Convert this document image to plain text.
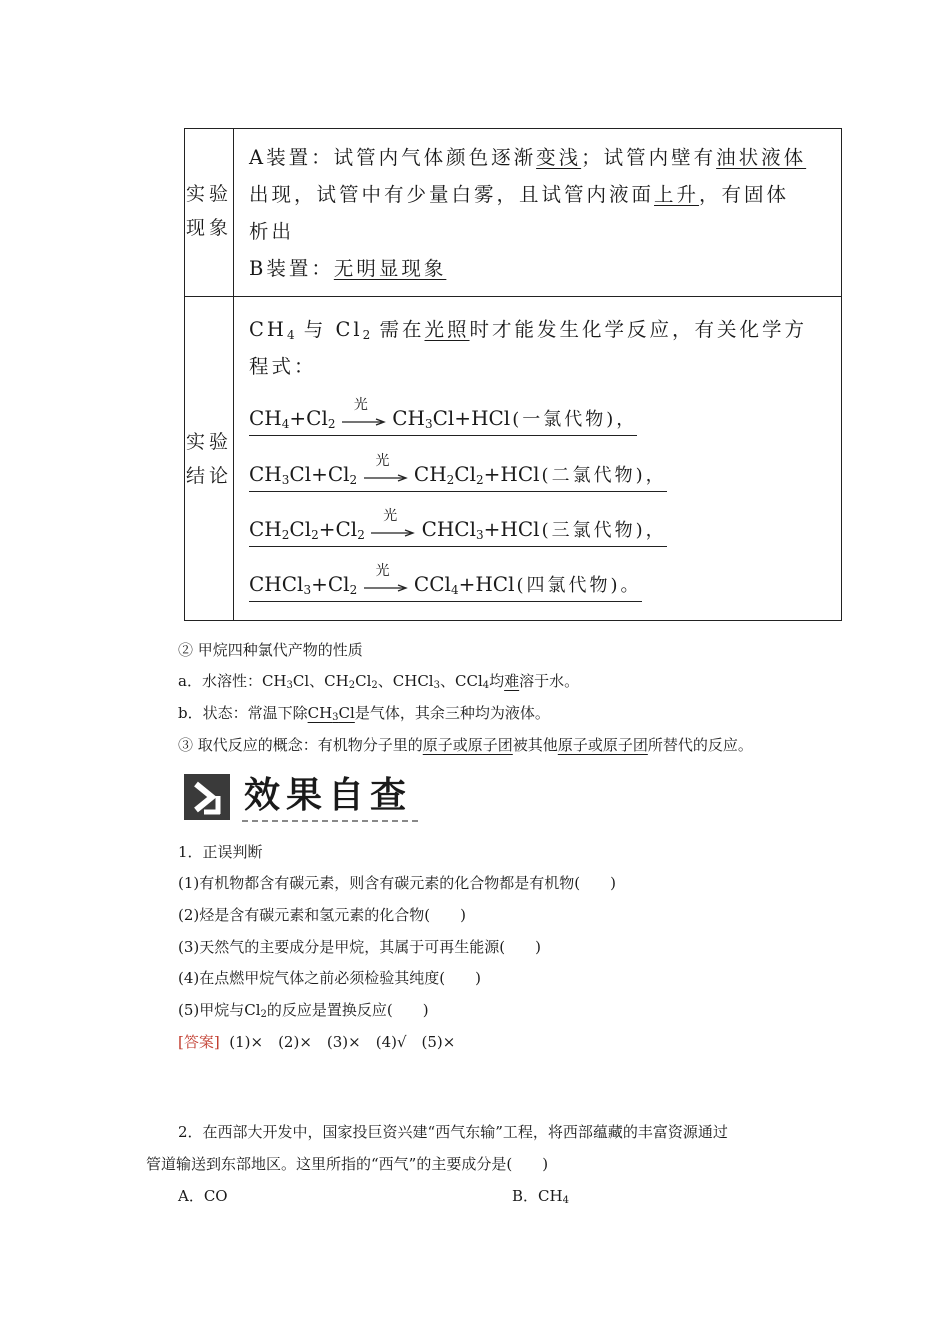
实验
现象
A装置：试管内气体颜色逐渐变浅；试管内壁有油状液体
出现，试管中有少量白雾，且试管内液面上升，有固体
析出
B装置：无明显现象
实验
结论
$CH_4$ 与 $Cl_2$ 需在光照时才能发生化学反应，有关化学方
程式：
$CH_4+Cl_2$
光
$CH_3Cl+HCl$ (一氯代物)，
$CH_3Cl+Cl_2$
光
$CH_2Cl_2+HCl$ (二氯代物)，
$CH_2Cl_2+Cl_2$
光
CHCl$_3$+HCl (三氯代物)，
$CHCl_3+Cl_2$
光
CCl$_4$+HCl (四氯代物)。
② 甲烷四种氯代产物的性质
a．水溶性：$CH_3Cl$、$CH_2Cl_2$、CHCl$_3$、CCl$_4$均难溶于水。
b．状态：常温下除$CH_3Cl$是气体，其余三种均为液体。
③ 取代反应的概念：有机物分子里的原子或原子团被其他原子或原子团所替代的反应。
效果自查
1．正误判断
(1)有机物都含有碳元素，则含有碳元素的化合物都是有机物(　　)
(2)烃是含有碳元素和氢元素的化合物(　　)
(3)天然气的主要成分是甲烷，其属于可再生能源(　　)
(4)在点燃甲烷气体之前必须检验其纯度(　　)
(5)甲烷与$Cl_2$的反应是置换反应(　　)
[答案] (1)×　(2)×　(3)×　(4)√　(5)×
2．在西部大开发中，国家投巨资兴建“西气东输”工程，将西部蕴藏的丰富资源通过
管道输送到东部地区。这里所指的“西气”的主要成分是(　　)
A．CO	B．$CH_4$
